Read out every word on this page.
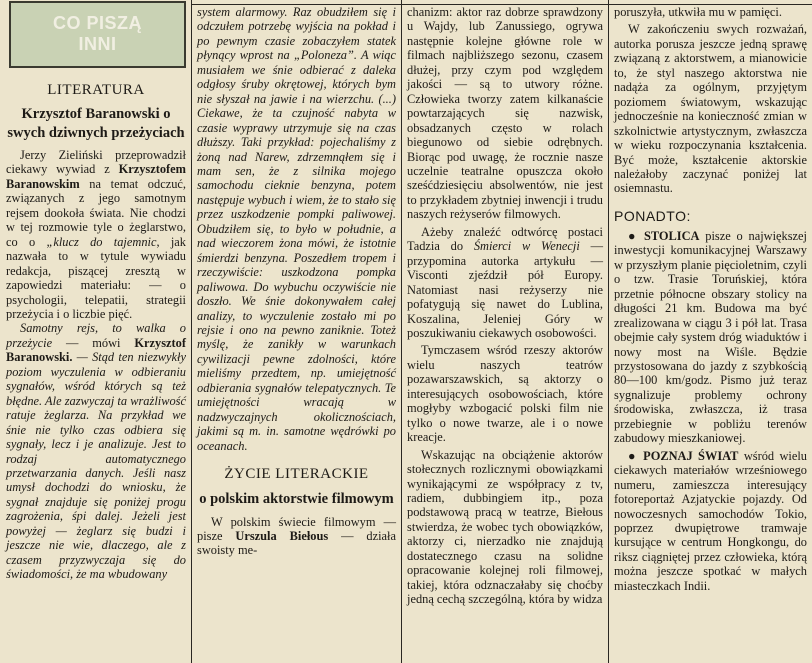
CO PISZĄ
INNI
LITERATURA

Krzysztof Baranowski o swych dziwnych przeżyciach

Jerzy Zieliński przeprowadził ciekawy wywiad z Krzysztofem Baranowskim na temat odczuć, związanych z jego samotnym rejsem dookoła świata. Nie chodzi w tej rozmowie tyle o żeglarstwo, co o „klucz do tajemnic, jak nazwała to w tytule wywiadu redakcja, piszącej zresztą w zapowiedzi materiału: — o psychologii, telepatii, strategii przeżycia i o liczbie pięć.

Samotny rejs, to walka o przeżycie — mówi Krzysztof Baranowski. — Stąd ten niezwykły poziom wyczulenia w odbieraniu sygnałów, wśród których są też błędne. Ale zazwyczaj ta wrażliwość ratuje żeglarza. Na przykład we śnie nie tylko czas odbiera się sygnały, lecz i je analizuje. Jest to rodzaj automatycznego przetwarzania danych. Jeśli nasz umysł dochodzi do wniosku, że sygnał znajduje się poniżej progu zagrożenia, śpi dalej. Jeżeli jest powyżej — żeglarz się budzi i jeszcze nie wie, dlaczego, ale z czasem przyzwyczaja się do świadomości, że ma wbudowany

system alarmowy. Raz obudziłem się i odczułem potrzebę wyjścia na pokład i po pewnym czasie zobaczyłem statek płynący wprost na „Poloneza”. A wiąc musiałem we śnie odbierać z daleka odgłosy śruby okrętowej, których bym nie słyszał na jawie i na wierzchu. (...) Ciekawe, że ta czujność nabyta w czasie wyprawy utrzymuje się na czas dłuższy. Taki przykład: pojechaliśmy z żoną nad Narew, zdrzemnąłem się i mam sen, że z silnika mojego samochodu cieknie benzyna, potem następuje wybuch i wiem, że to stało się przez uszkodzenie pompki paliwowej. Obudziłem się, to było w południe, a nad wieczorem żona mówi, że istotnie śmierdzi benzyna. Poszedłem tropem i rzeczywiście: uszkodzona pompka paliwowa. Do wybuchu oczywiście nie doszło. We śnie dokonywałem całej analizy, to wyczulenie zostało mi po rejsie i ono na pewno zaniknie. Toteż myślę, że zanikły w warunkach cywilizacji pewne zdolności, które mieliśmy przedtem, np. umiejętność odbierania sygnałów telepatycznych. Te umiejętności wracają w nadzwyczajnych okolicznościach, jakimi są m. in. samotne wędrówki po oceanach.

ŻYCIE LITERACKIE

o polskim aktorstwie filmowym

W polskim świecie filmowym — pisze Urszula Biełous — działa swoisty me-

chanizm: aktor raz dobrze sprawdzony u Wajdy, lub Zanussiego, ogrywa następnie kolejne główne role w filmach najbliższego sezonu, czasem dłużej, przy czym pod względem jakości — są to utwory różne. Człowieka tworzy zatem kilkanaście powtarzających się nazwisk, obsadzanych często w rolach biegunowo od siebie odrębnych. Biorąc pod uwagę, że rocznie nasze uczelnie teatralne opuszcza około sześćdziesięciu absolwentów, nie jest to przykładem zbytniej inwencji i trudu naszych reżyserów filmowych.

Ażeby znaleźć odtwórcę postaci Tadzia do Śmierci w Wenecji — przypomina autorka artykułu — Visconti zjeździł pół Europy. Natomiast nasi reżyserzy nie pofatygują się nawet do Lublina, Koszalina, Jeleniej Góry w poszukiwaniu ciekawych osobowości.

Tymczasem wśród rzeszy aktorów wielu naszych teatrów pozawarszawskich, są aktorzy o interesujących osobowościach, które mogłyby wzbogacić polski film nie tylko o nowe twarze, ale i o nowe kreacje.

Wskazując na obciążenie aktorów stołecznych rozlicznymi obowiązkami wynikającymi ze współpracy z tv, radiem, dubbingiem itp., poza podstawową pracą w teatrze, Biełous stwierdza, że wobec tych obowiązków, aktorzy ci, nierzadko nie znajdują dostatecznego czasu na solidne opracowanie kolejnej roli filmowej, takiej, która odznaczałaby się choćby jedną cechą szczególną, która by widza

poruszyła, utkwiła mu w pamięci.

W zakończeniu swych rozważań, autorka porusza jeszcze jedną sprawę związaną z aktorstwem, a mianowicie to, że styl naszego aktorstwa nie nadąża za ogólnym, przyjętym poziomem światowym, wskazując jednocześnie na konieczność zmian w szkolnictwie artystycznym, zwłaszcza w wieku rozpoczynania kształcenia. Być może, kształcenie aktorskie należałoby zaczynać poniżej lat osiemnastu.

PONADTO:

● STOLICA pisze o największej inwestycji komunikacyjnej Warszawy w przyszłym planie pięcioletnim, czyli o tzw. Trasie Toruńskiej, która przetnie północne obszary stolicy na długości 21 km. Budowa ma być zrealizowana w ciągu 3 i pół lat. Trasa obejmie cały system dróg wiaduktów i nowy most na Wiśle. Będzie przystosowana do jazdy z szybkością 80—100 km/godz. Pismo już teraz sygnalizuje problemy ochrony środowiska, zwłaszcza, iż trasa przebiegnie w pobliżu terenów zabudowy mieszkaniowej.

● POZNAJ ŚWIAT wśród wielu ciekawych materiałów wrześniowego numeru, zamieszcza interesujący fotoreportaż Azjatyckie pojazdy. Od nowoczesnych samochodów Tokio, poprzez dwupiętrowe tramwaje kursujące w centrum Hongkongu, do riksz ciągniętej przez człowieka, którą można jeszcze spotkać w małych miasteczkach Indii.
